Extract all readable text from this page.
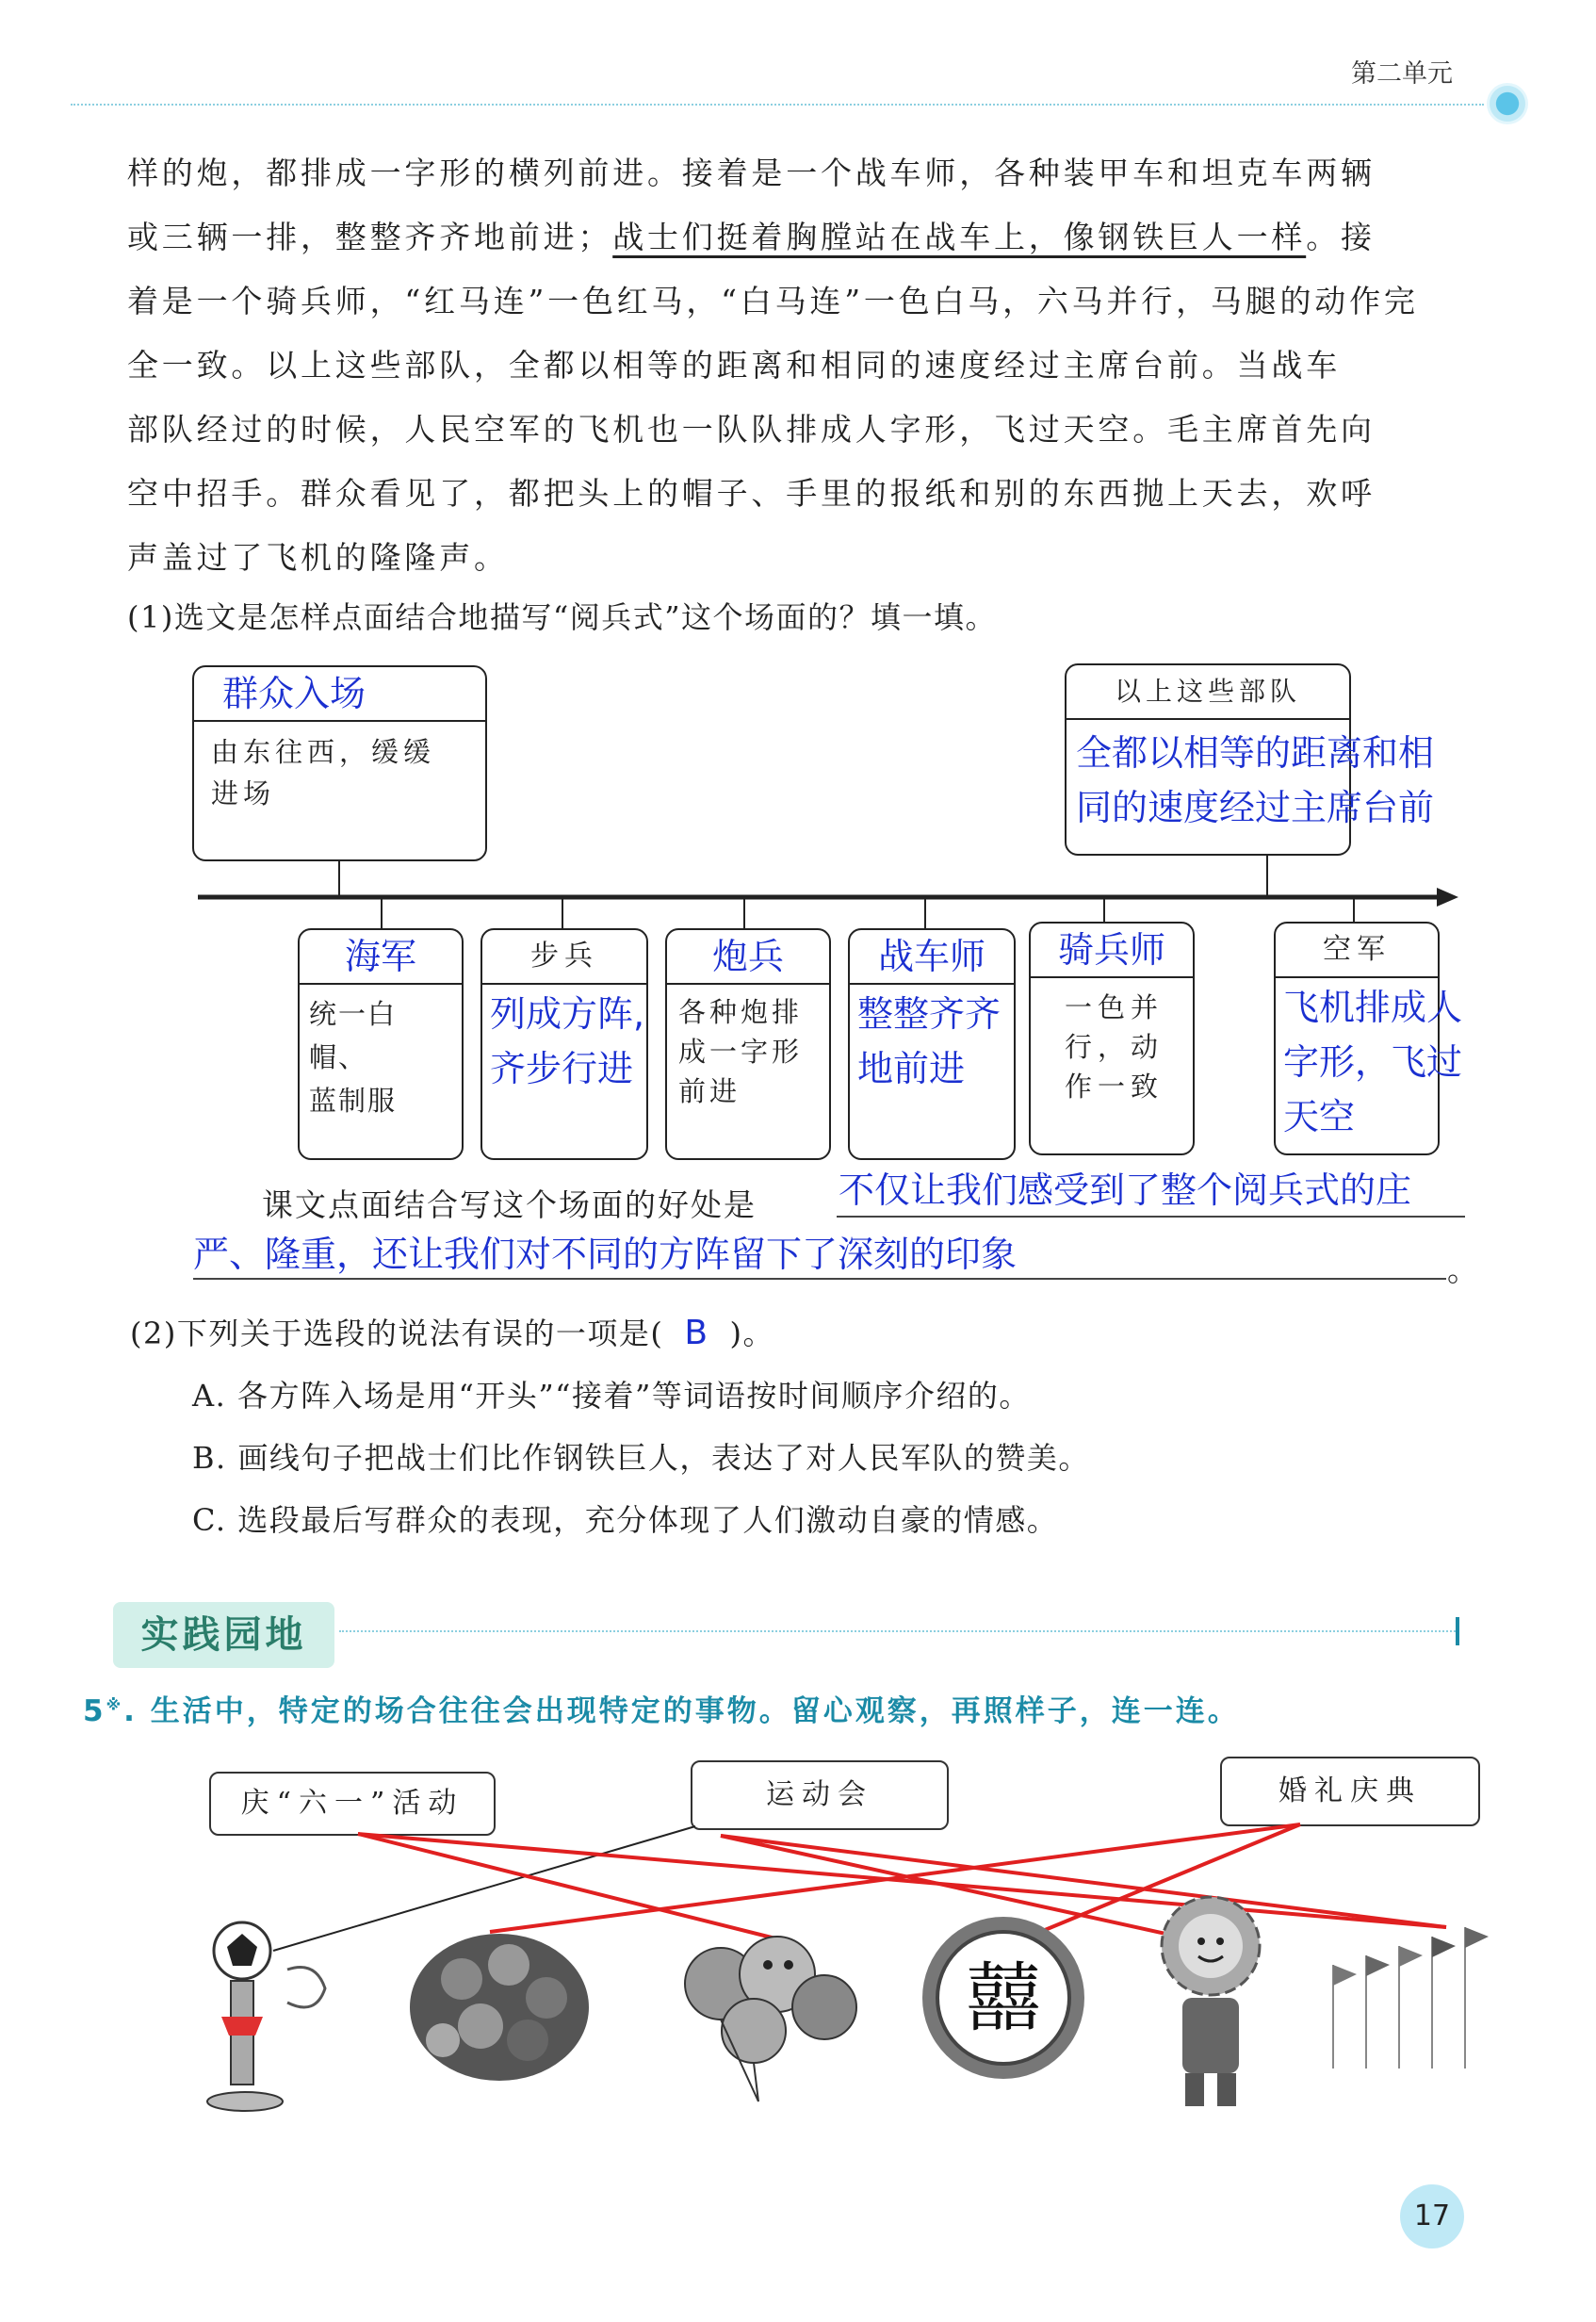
第二单元

样的炮，都排成一字形的横列前进。接着是一个战车师，各种装甲车和坦克车两辆

或三辆一排，整整齐齐地前进；战士们挺着胸膛站在战车上，像钢铁巨人一样。接

着是一个骑兵师，“红马连”一色红马，“白马连”一色白马，六马并行，马腿的动作完

全一致。以上这些部队，全都以相等的距离和相同的速度经过主席台前。当战车

部队经过的时候，人民空军的飞机也一队队排成人字形，飞过天空。毛主席首先向

空中招手。群众看见了，都把头上的帽子、手里的报纸和别的东西抛上天去，欢呼

声盖过了飞机的隆隆声。

(1)选文是怎样点面结合地描写“阅兵式”这个场面的？填一填。
群众入场
由东往西，缓缓
进场
以上这些部队
全都以相等的距离和相
同的速度经过主席台前
海军
统一白帽、
蓝制服
步兵
列成方阵,
齐步行进
炮兵
各种炮排
成一字形
前进
战车师
整整齐齐
地前进
骑兵师
一色并
行，动
作一致
空军
飞机排成人
字形，飞过
天空
课文点面结合写这个场面的好处是 不仅让我们感受到了整个阅兵式的庄
严、隆重，还让我们对不同的方阵留下了深刻的印象	。
(2)下列关于选段的说法有误的一项是( B )。
A. 各方阵入场是用“开头”“接着”等词语按时间顺序介绍的。
B. 画线句子把战士们比作钢铁巨人，表达了对人民军队的赞美。
C. 选段最后写群众的表现，充分体现了人们激动自豪的情感。
实践园地
5※. 生活中，特定的场合往往会出现特定的事物。留心观察，再照样子，连一连。
庆“六一”活动	运动会	婚礼庆典
囍
17
